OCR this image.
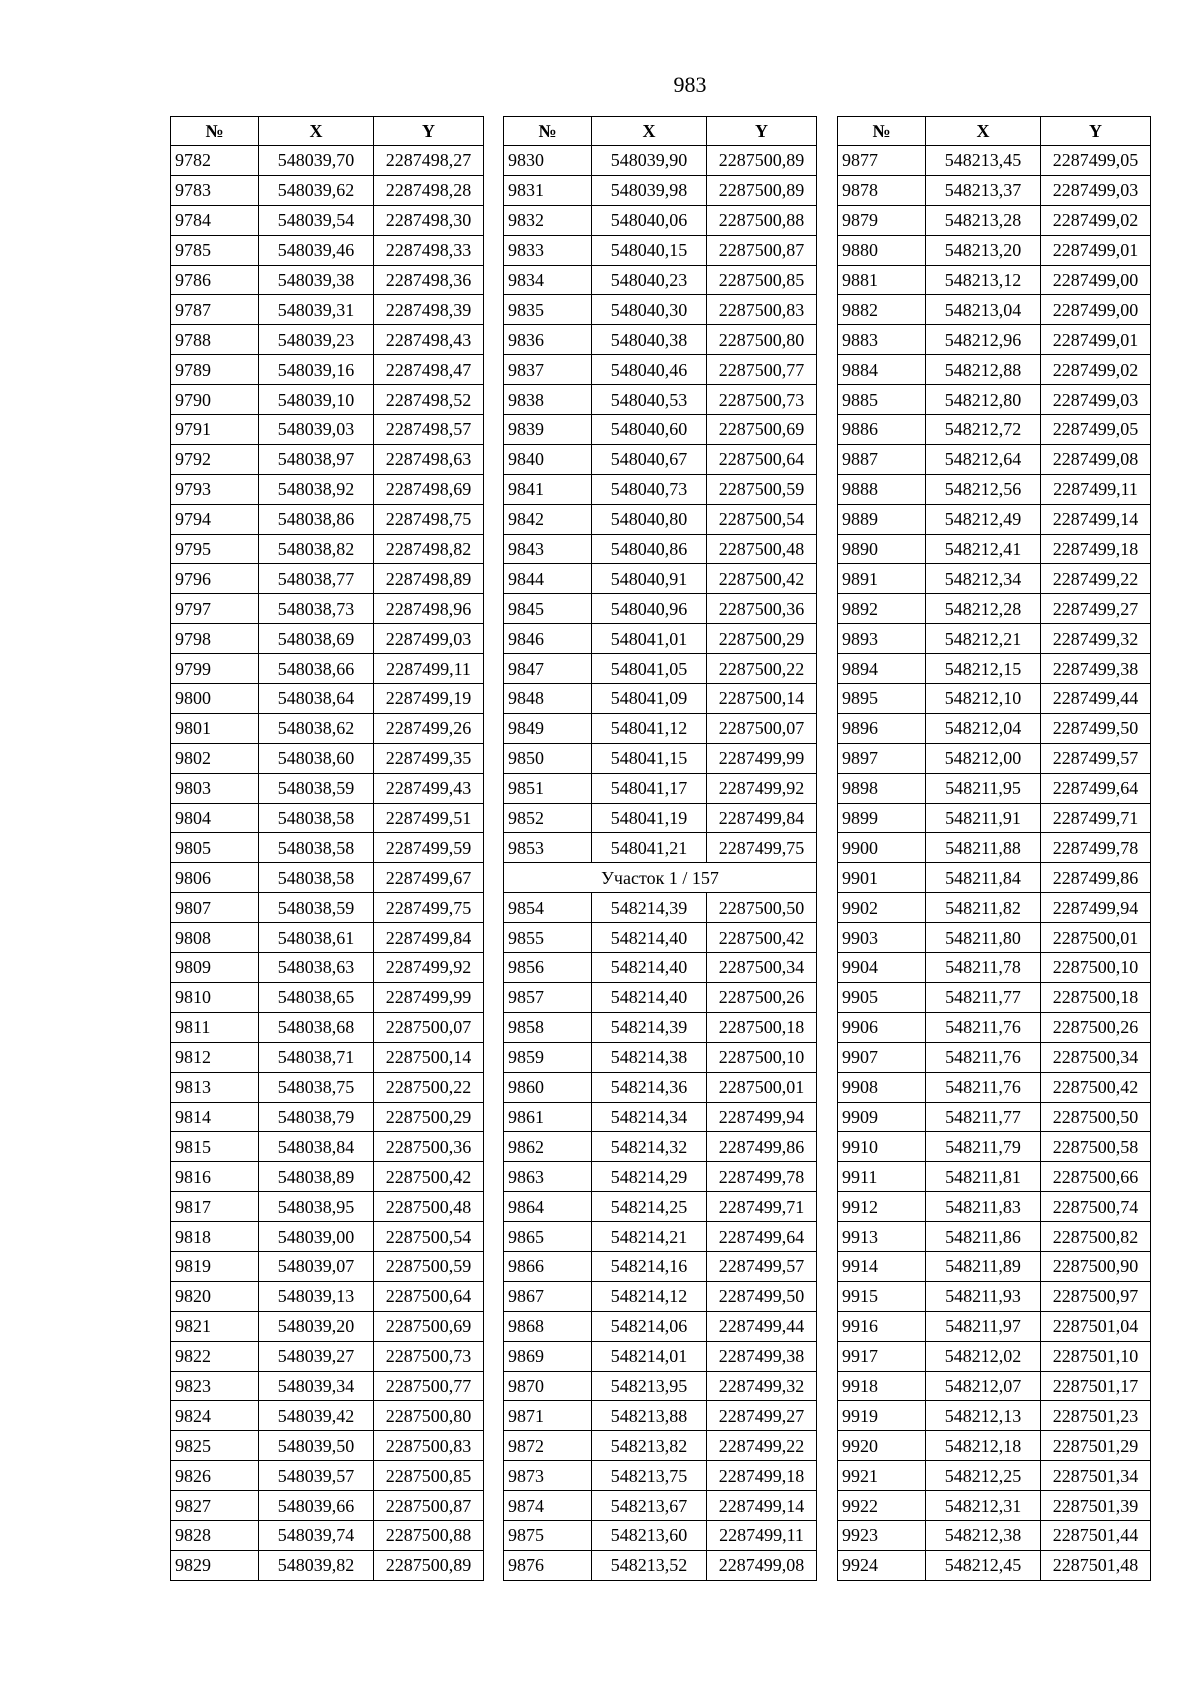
983
№	X	Y
9782	548039,70	2287498,27
9783	548039,62	2287498,28
9784	548039,54	2287498,30
9785	548039,46	2287498,33
9786	548039,38	2287498,36
9787	548039,31	2287498,39
9788	548039,23	2287498,43
9789	548039,16	2287498,47
9790	548039,10	2287498,52
9791	548039,03	2287498,57
9792	548038,97	2287498,63
9793	548038,92	2287498,69
9794	548038,86	2287498,75
9795	548038,82	2287498,82
9796	548038,77	2287498,89
9797	548038,73	2287498,96
9798	548038,69	2287499,03
9799	548038,66	2287499,11
9800	548038,64	2287499,19
9801	548038,62	2287499,26
9802	548038,60	2287499,35
9803	548038,59	2287499,43
9804	548038,58	2287499,51
9805	548038,58	2287499,59
9806	548038,58	2287499,67
9807	548038,59	2287499,75
9808	548038,61	2287499,84
9809	548038,63	2287499,92
9810	548038,65	2287499,99
9811	548038,68	2287500,07
9812	548038,71	2287500,14
9813	548038,75	2287500,22
9814	548038,79	2287500,29
9815	548038,84	2287500,36
9816	548038,89	2287500,42
9817	548038,95	2287500,48
9818	548039,00	2287500,54
9819	548039,07	2287500,59
9820	548039,13	2287500,64
9821	548039,20	2287500,69
9822	548039,27	2287500,73
9823	548039,34	2287500,77
9824	548039,42	2287500,80
9825	548039,50	2287500,83
9826	548039,57	2287500,85
9827	548039,66	2287500,87
9828	548039,74	2287500,88
9829	548039,82	2287500,89
№	X	Y
9830	548039,90	2287500,89
9831	548039,98	2287500,89
9832	548040,06	2287500,88
9833	548040,15	2287500,87
9834	548040,23	2287500,85
9835	548040,30	2287500,83
9836	548040,38	2287500,80
9837	548040,46	2287500,77
9838	548040,53	2287500,73
9839	548040,60	2287500,69
9840	548040,67	2287500,64
9841	548040,73	2287500,59
9842	548040,80	2287500,54
9843	548040,86	2287500,48
9844	548040,91	2287500,42
9845	548040,96	2287500,36
9846	548041,01	2287500,29
9847	548041,05	2287500,22
9848	548041,09	2287500,14
9849	548041,12	2287500,07
9850	548041,15	2287499,99
9851	548041,17	2287499,92
9852	548041,19	2287499,84
9853	548041,21	2287499,75
Участок 1 / 157		
9854	548214,39	2287500,50
9855	548214,40	2287500,42
9856	548214,40	2287500,34
9857	548214,40	2287500,26
9858	548214,39	2287500,18
9859	548214,38	2287500,10
9860	548214,36	2287500,01
9861	548214,34	2287499,94
9862	548214,32	2287499,86
9863	548214,29	2287499,78
9864	548214,25	2287499,71
9865	548214,21	2287499,64
9866	548214,16	2287499,57
9867	548214,12	2287499,50
9868	548214,06	2287499,44
9869	548214,01	2287499,38
9870	548213,95	2287499,32
9871	548213,88	2287499,27
9872	548213,82	2287499,22
9873	548213,75	2287499,18
9874	548213,67	2287499,14
9875	548213,60	2287499,11
9876	548213,52	2287499,08
№	X	Y
9877	548213,45	2287499,05
9878	548213,37	2287499,03
9879	548213,28	2287499,02
9880	548213,20	2287499,01
9881	548213,12	2287499,00
9882	548213,04	2287499,00
9883	548212,96	2287499,01
9884	548212,88	2287499,02
9885	548212,80	2287499,03
9886	548212,72	2287499,05
9887	548212,64	2287499,08
9888	548212,56	2287499,11
9889	548212,49	2287499,14
9890	548212,41	2287499,18
9891	548212,34	2287499,22
9892	548212,28	2287499,27
9893	548212,21	2287499,32
9894	548212,15	2287499,38
9895	548212,10	2287499,44
9896	548212,04	2287499,50
9897	548212,00	2287499,57
9898	548211,95	2287499,64
9899	548211,91	2287499,71
9900	548211,88	2287499,78
9901	548211,84	2287499,86
9902	548211,82	2287499,94
9903	548211,80	2287500,01
9904	548211,78	2287500,10
9905	548211,77	2287500,18
9906	548211,76	2287500,26
9907	548211,76	2287500,34
9908	548211,76	2287500,42
9909	548211,77	2287500,50
9910	548211,79	2287500,58
9911	548211,81	2287500,66
9912	548211,83	2287500,74
9913	548211,86	2287500,82
9914	548211,89	2287500,90
9915	548211,93	2287500,97
9916	548211,97	2287501,04
9917	548212,02	2287501,10
9918	548212,07	2287501,17
9919	548212,13	2287501,23
9920	548212,18	2287501,29
9921	548212,25	2287501,34
9922	548212,31	2287501,39
9923	548212,38	2287501,44
9924	548212,45	2287501,48
